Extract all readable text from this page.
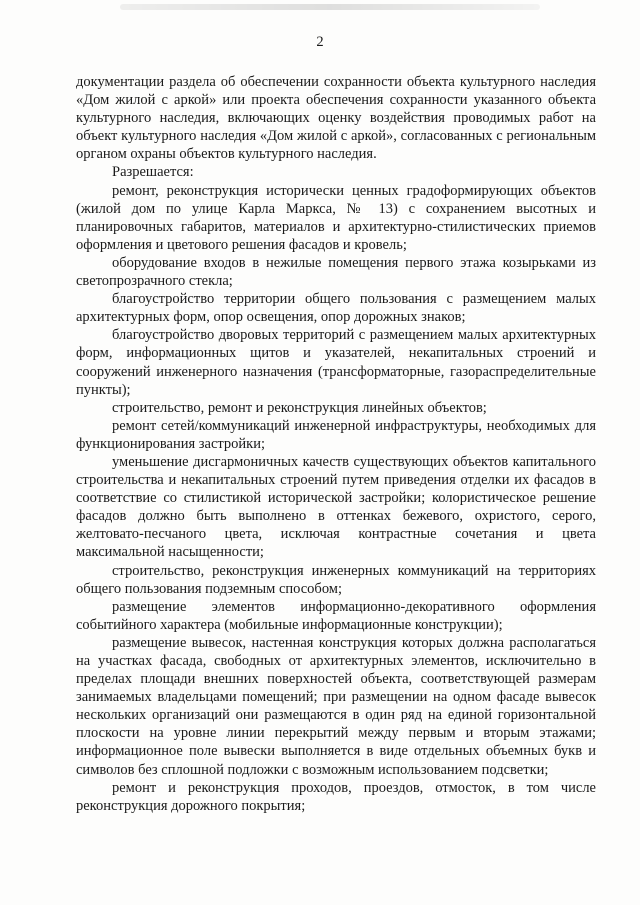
2

документации раздела об обеспечении сохранности объекта культурного наследия «Дом жилой с аркой» или проекта обеспечения сохранности указанного объекта культурного наследия, включающих оценку воздействия проводимых работ на объект культурного наследия «Дом жилой с аркой», согласованных с региональным органом охраны объектов культурного наследия.

Разрешается:

ремонт, реконструкция исторически ценных градоформирующих объектов (жилой дом по улице Карла Маркса, № 13) с сохранением высотных и планировочных габаритов, материалов и архитектурно-стилистических приемов оформления и цветового решения фасадов и кровель;

оборудование входов в нежилые помещения первого этажа козырьками из светопрозрачного стекла;

благоустройство территории общего пользования с размещением малых архитектурных форм, опор освещения, опор дорожных знаков;

благоустройство дворовых территорий с размещением малых архитектурных форм, информационных щитов и указателей, некапитальных строений и сооружений инженерного назначения (трансформаторные, газораспределительные пункты);

строительство, ремонт и реконструкция линейных объектов;

ремонт сетей/коммуникаций инженерной инфраструктуры, необходимых для функционирования застройки;

уменьшение дисгармоничных качеств существующих объектов капитального строительства и некапитальных строений путем приведения отделки их фасадов в соответствие со стилистикой исторической застройки; колористическое решение фасадов должно быть выполнено в оттенках бежевого, охристого, серого, желтовато-песчаного цвета, исключая контрастные сочетания и цвета максимальной насыщенности;

строительство, реконструкция инженерных коммуникаций на территориях общего пользования подземным способом;

размещение элементов информационно-декоративного оформления событийного характера (мобильные информационные конструкции);

размещение вывесок, настенная конструкция которых должна располагаться на участках фасада, свободных от архитектурных элементов, исключительно в пределах площади внешних поверхностей объекта, соответствующей размерам занимаемых владельцами помещений; при размещении на одном фасаде вывесок нескольких организаций они размещаются в один ряд на единой горизонтальной плоскости на уровне линии перекрытий между первым и вторым этажами; информационное поле вывески выполняется в виде отдельных объемных букв и символов без сплошной подложки с возможным использованием подсветки;

ремонт и реконструкция проходов, проездов, отмосток, в том числе реконструкция дорожного покрытия;
